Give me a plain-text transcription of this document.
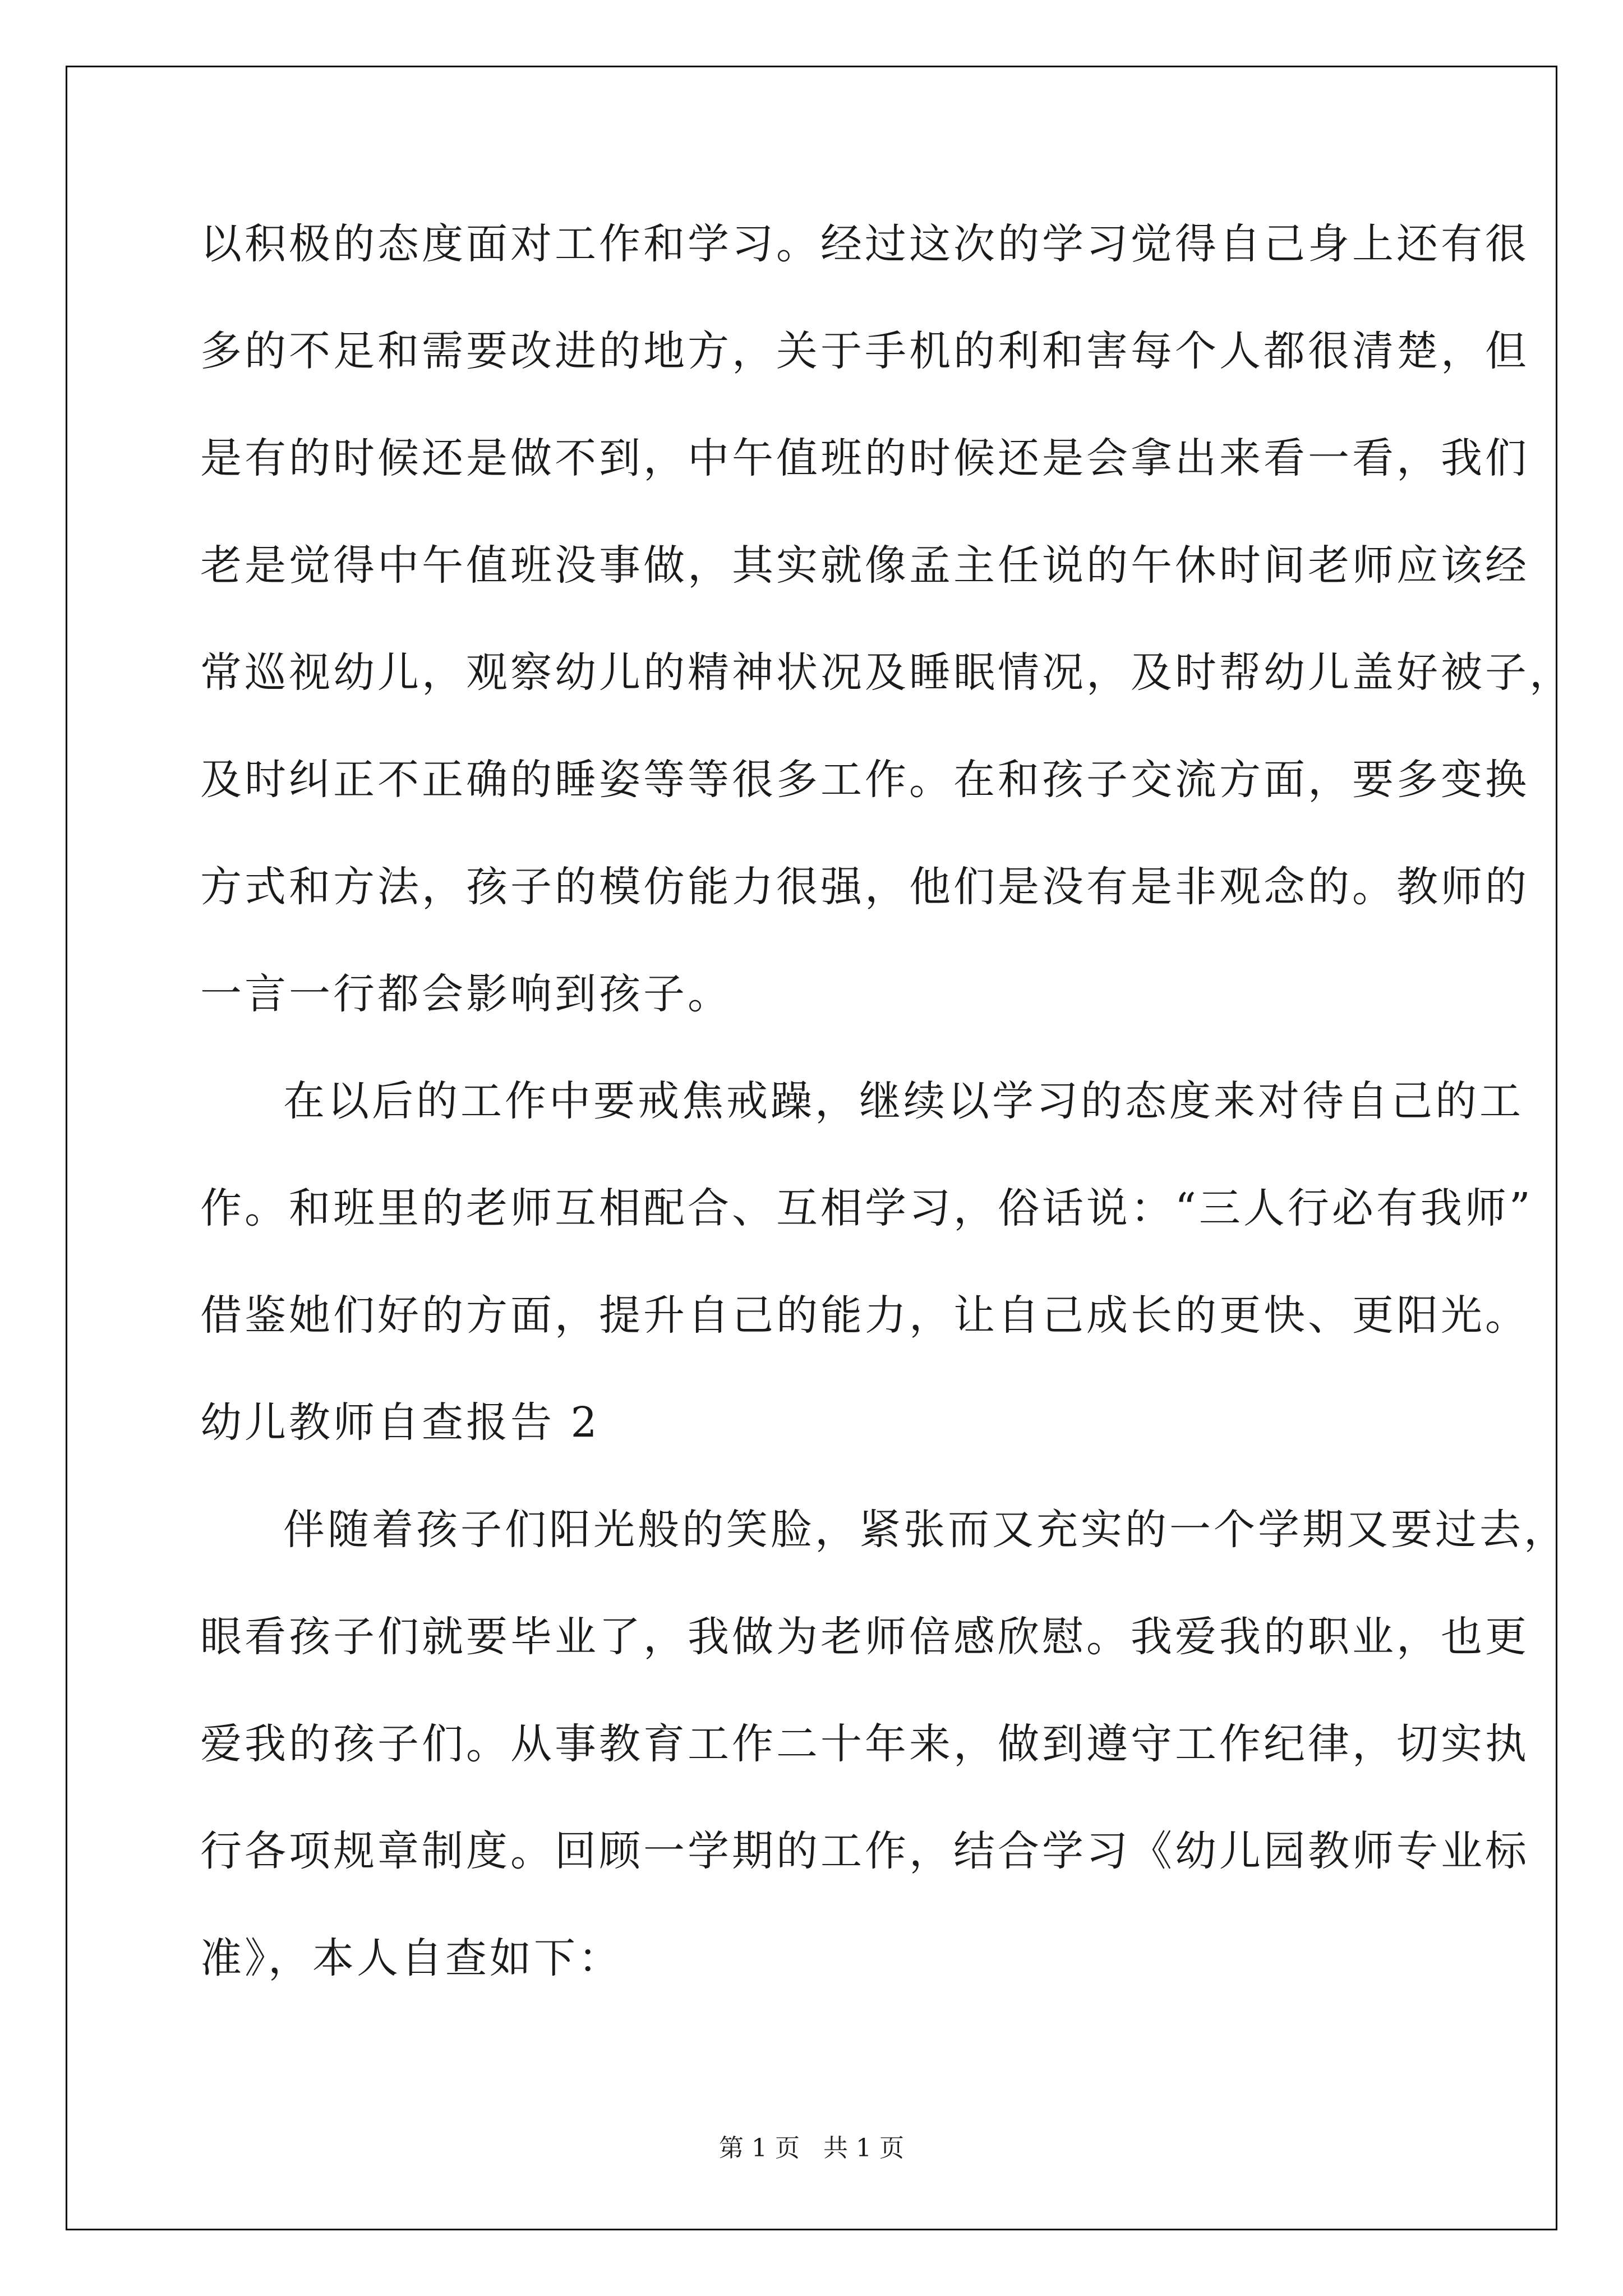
以积极的态度面对工作和学习。经过这次的学习觉得自己身上还有很
多的不足和需要改进的地方，关于手机的利和害每个人都很清楚，但
是有的时候还是做不到，中午值班的时候还是会拿出来看一看，我们
老是觉得中午值班没事做，其实就像孟主任说的午休时间老师应该经
常巡视幼儿，观察幼儿的精神状况及睡眠情况，及时帮幼儿盖好被子，
及时纠正不正确的睡姿等等很多工作。在和孩子交流方面，要多变换
方式和方法，孩子的模仿能力很强，他们是没有是非观念的。教师的
一言一行都会影响到孩子。
在以后的工作中要戒焦戒躁，继续以学习的态度来对待自己的工
作。和班里的老师互相配合、互相学习，俗话说：“三人行必有我师”
借鉴她们好的方面，提升自己的能力，让自己成长的更快、更阳光。
幼儿教师自查报告 2
伴随着孩子们阳光般的笑脸，紧张而又充实的一个学期又要过去，
眼看孩子们就要毕业了，我做为老师倍感欣慰。我爱我的职业，也更
爱我的孩子们。从事教育工作二十年来，做到遵守工作纪律，切实执
行各项规章制度。回顾一学期的工作，结合学习《幼儿园教师专业标
准》，本人自查如下：
第 1 页   共 1 页
